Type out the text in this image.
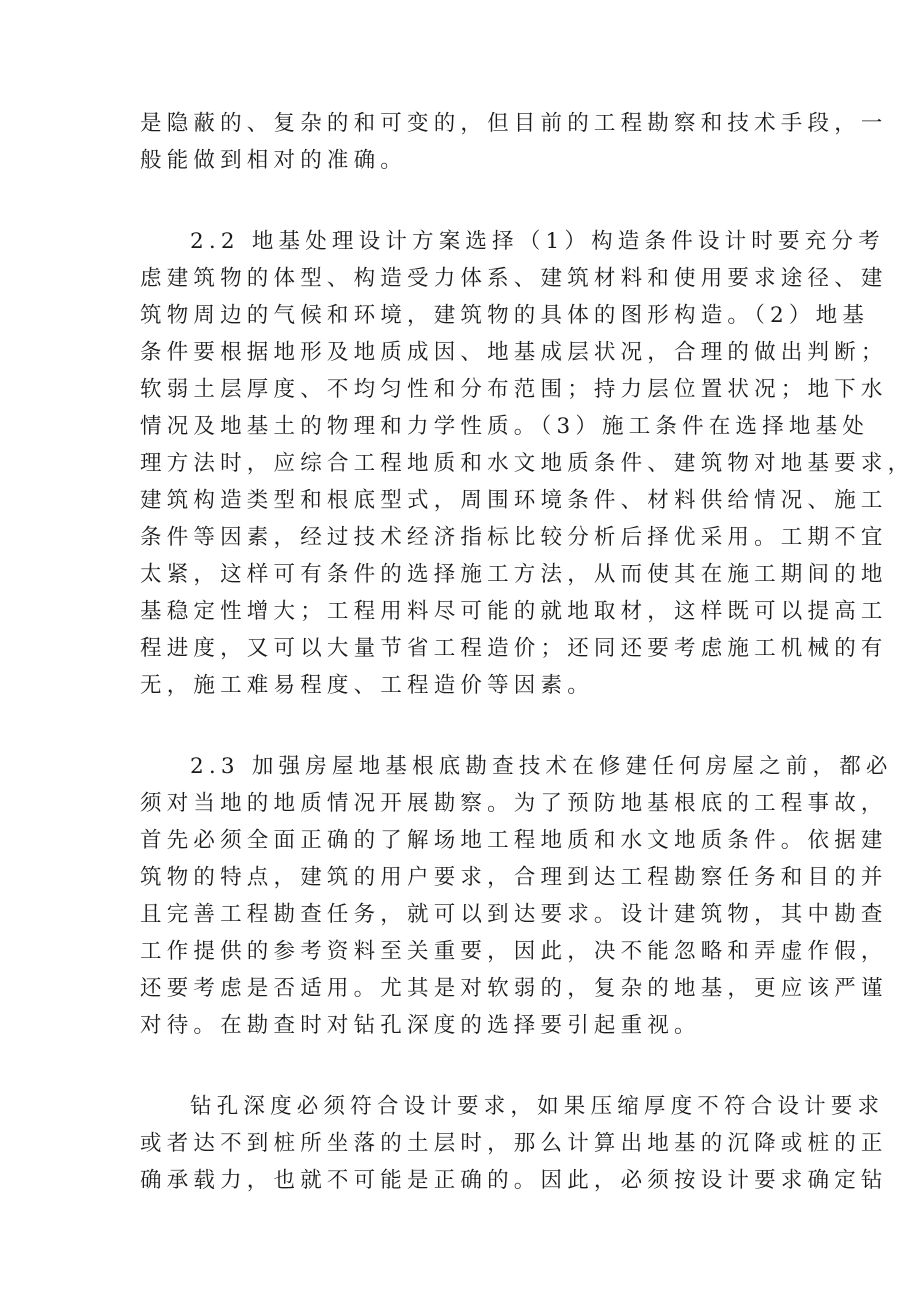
是隐蔽的、复杂的和可变的，但目前的工程勘察和技术手段，一
般能做到相对的准确。
2.2 地基处理设计方案选择（1）构造条件设计时要充分考
虑建筑物的体型、构造受力体系、建筑材料和使用要求途径、建
筑物周边的气候和环境，建筑物的具体的图形构造。（2）地基
条件要根据地形及地质成因、地基成层状况，合理的做出判断；
软弱土层厚度、不均匀性和分布范围；持力层位置状况；地下水
情况及地基土的物理和力学性质。（3）施工条件在选择地基处
理方法时，应综合工程地质和水文地质条件、建筑物对地基要求，
建筑构造类型和根底型式，周围环境条件、材料供给情况、施工
条件等因素，经过技术经济指标比较分析后择优采用。工期不宜
太紧，这样可有条件的选择施工方法，从而使其在施工期间的地
基稳定性增大；工程用料尽可能的就地取材，这样既可以提高工
程进度，又可以大量节省工程造价；还同还要考虑施工机械的有
无，施工难易程度、工程造价等因素。
2.3 加强房屋地基根底勘查技术在修建任何房屋之前，都必
须对当地的地质情况开展勘察。为了预防地基根底的工程事故，
首先必须全面正确的了解场地工程地质和水文地质条件。依据建
筑物的特点，建筑的用户要求，合理到达工程勘察任务和目的并
且完善工程勘查任务，就可以到达要求。设计建筑物，其中勘查
工作提供的参考资料至关重要，因此，决不能忽略和弄虚作假，
还要考虑是否适用。尤其是对软弱的，复杂的地基，更应该严谨
对待。在勘查时对钻孔深度的选择要引起重视。
钻孔深度必须符合设计要求，如果压缩厚度不符合设计要求
或者达不到桩所坐落的土层时，那么计算出地基的沉降或桩的正
确承载力，也就不可能是正确的。因此，必须按设计要求确定钻
